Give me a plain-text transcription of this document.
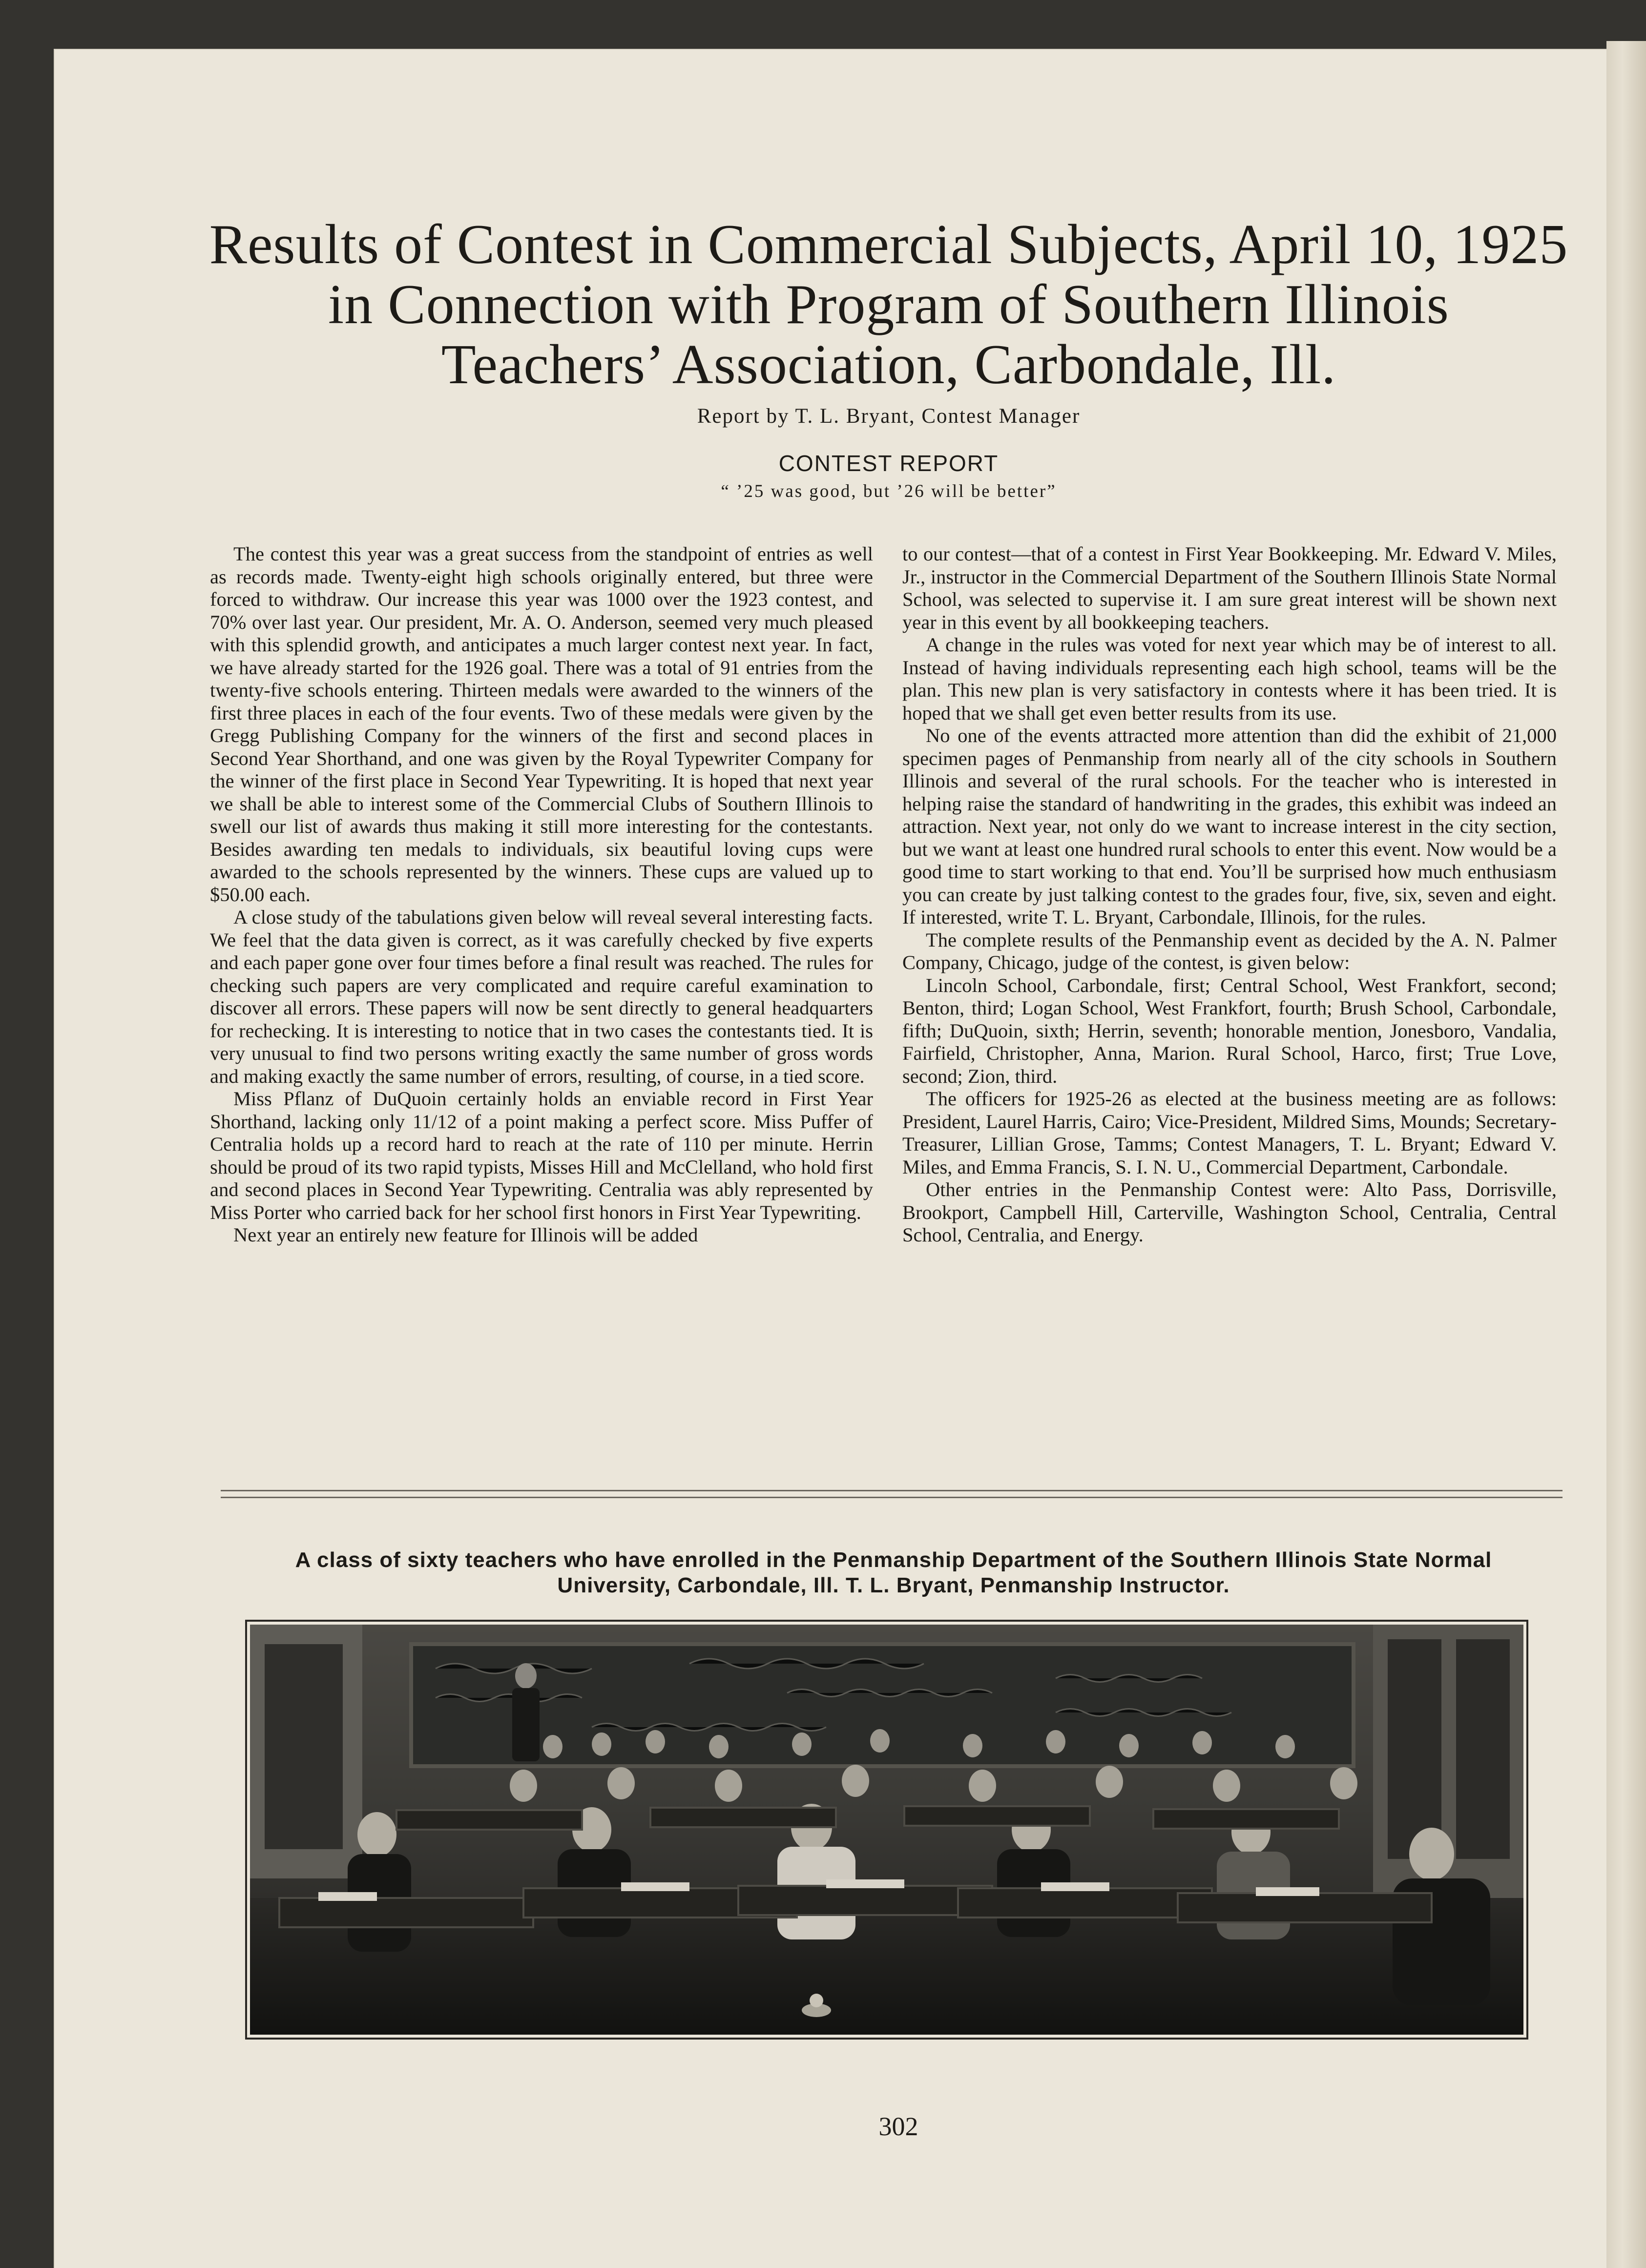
Results of Contest in Commercial Subjects, April 10, 1925
in Connection with Program of Southern Illinois
Teachers’ Association, Carbondale, Ill.
Report by T. L. Bryant, Contest Manager
CONTEST REPORT
“ ’25 was good, but ’26 will be better”

The contest this year was a great success from the standpoint of entries as well as records made. Twenty-eight high schools originally entered, but three were forced to withdraw. Our increase this year was 1000 over the 1923 contest, and 70% over last year. Our president, Mr. A. O. Anderson, seemed very much pleased with this splendid growth, and anticipates a much larger contest next year. In fact, we have already started for the 1926 goal. There was a total of 91 entries from the twenty-five schools entering. Thirteen medals were awarded to the winners of the first three places in each of the four events. Two of these medals were given by the Gregg Publishing Company for the winners of the first and second places in Second Year Shorthand, and one was given by the Royal Typewriter Company for the winner of the first place in Second Year Typewriting. It is hoped that next year we shall be able to interest some of the Commercial Clubs of Southern Illinois to swell our list of awards thus making it still more interesting for the contestants. Besides awarding ten medals to individuals, six beautiful loving cups were awarded to the schools represented by the winners. These cups are valued up to $50.00 each.

A close study of the tabulations given below will reveal several interesting facts. We feel that the data given is correct, as it was carefully checked by five experts and each paper gone over four times before a final result was reached. The rules for checking such papers are very complicated and require careful examination to discover all errors. These papers will now be sent directly to general headquarters for rechecking. It is interesting to notice that in two cases the contestants tied. It is very unusual to find two persons writing exactly the same number of gross words and making exactly the same number of errors, resulting, of course, in a tied score.

Miss Pflanz of DuQuoin certainly holds an enviable record in First Year Shorthand, lacking only 11/12 of a point making a perfect score. Miss Puffer of Centralia holds up a record hard to reach at the rate of 110 per minute. Herrin should be proud of its two rapid typists, Misses Hill and McClelland, who hold first and second places in Second Year Typewriting. Centralia was ably represented by Miss Porter who carried back for her school first honors in First Year Typewriting.

Next year an entirely new feature for Illinois will be added

to our contest—that of a contest in First Year Bookkeeping. Mr. Edward V. Miles, Jr., instructor in the Commercial Department of the Southern Illinois State Normal School, was selected to supervise it. I am sure great interest will be shown next year in this event by all bookkeeping teachers.

A change in the rules was voted for next year which may be of interest to all. Instead of having individuals representing each high school, teams will be the plan. This new plan is very satisfactory in contests where it has been tried. It is hoped that we shall get even better results from its use.

No one of the events attracted more attention than did the exhibit of 21,000 specimen pages of Penmanship from nearly all of the city schools in Southern Illinois and several of the rural schools. For the teacher who is interested in helping raise the standard of handwriting in the grades, this exhibit was indeed an attraction. Next year, not only do we want to increase interest in the city section, but we want at least one hundred rural schools to enter this event. Now would be a good time to start working to that end. You’ll be surprised how much enthusiasm you can create by just talking contest to the grades four, five, six, seven and eight. If interested, write T. L. Bryant, Carbondale, Illinois, for the rules.

The complete results of the Penmanship event as decided by the A. N. Palmer Company, Chicago, judge of the contest, is given below:

Lincoln School, Carbondale, first; Central School, West Frankfort, second; Benton, third; Logan School, West Frankfort, fourth; Brush School, Carbondale, fifth; DuQuoin, sixth; Herrin, seventh; honorable mention, Jonesboro, Vandalia, Fairfield, Christopher, Anna, Marion. Rural School, Harco, first; True Love, second; Zion, third.

The officers for 1925-26 as elected at the business meeting are as follows: President, Laurel Harris, Cairo; Vice-President, Mildred Sims, Mounds; Secretary-Treasurer, Lillian Grose, Tamms; Contest Managers, T. L. Bryant; Edward V. Miles, and Emma Francis, S. I. N. U., Commercial Department, Carbondale.

Other entries in the Penmanship Contest were: Alto Pass, Dorrisville, Brookport, Campbell Hill, Carterville, Washington School, Centralia, Central School, Centralia, and Energy.

A class of sixty teachers who have enrolled in the Penmanship Department of the Southern Illinois State Normal
University, Carbondale, Ill. T. L. Bryant, Penmanship Instructor.

302
